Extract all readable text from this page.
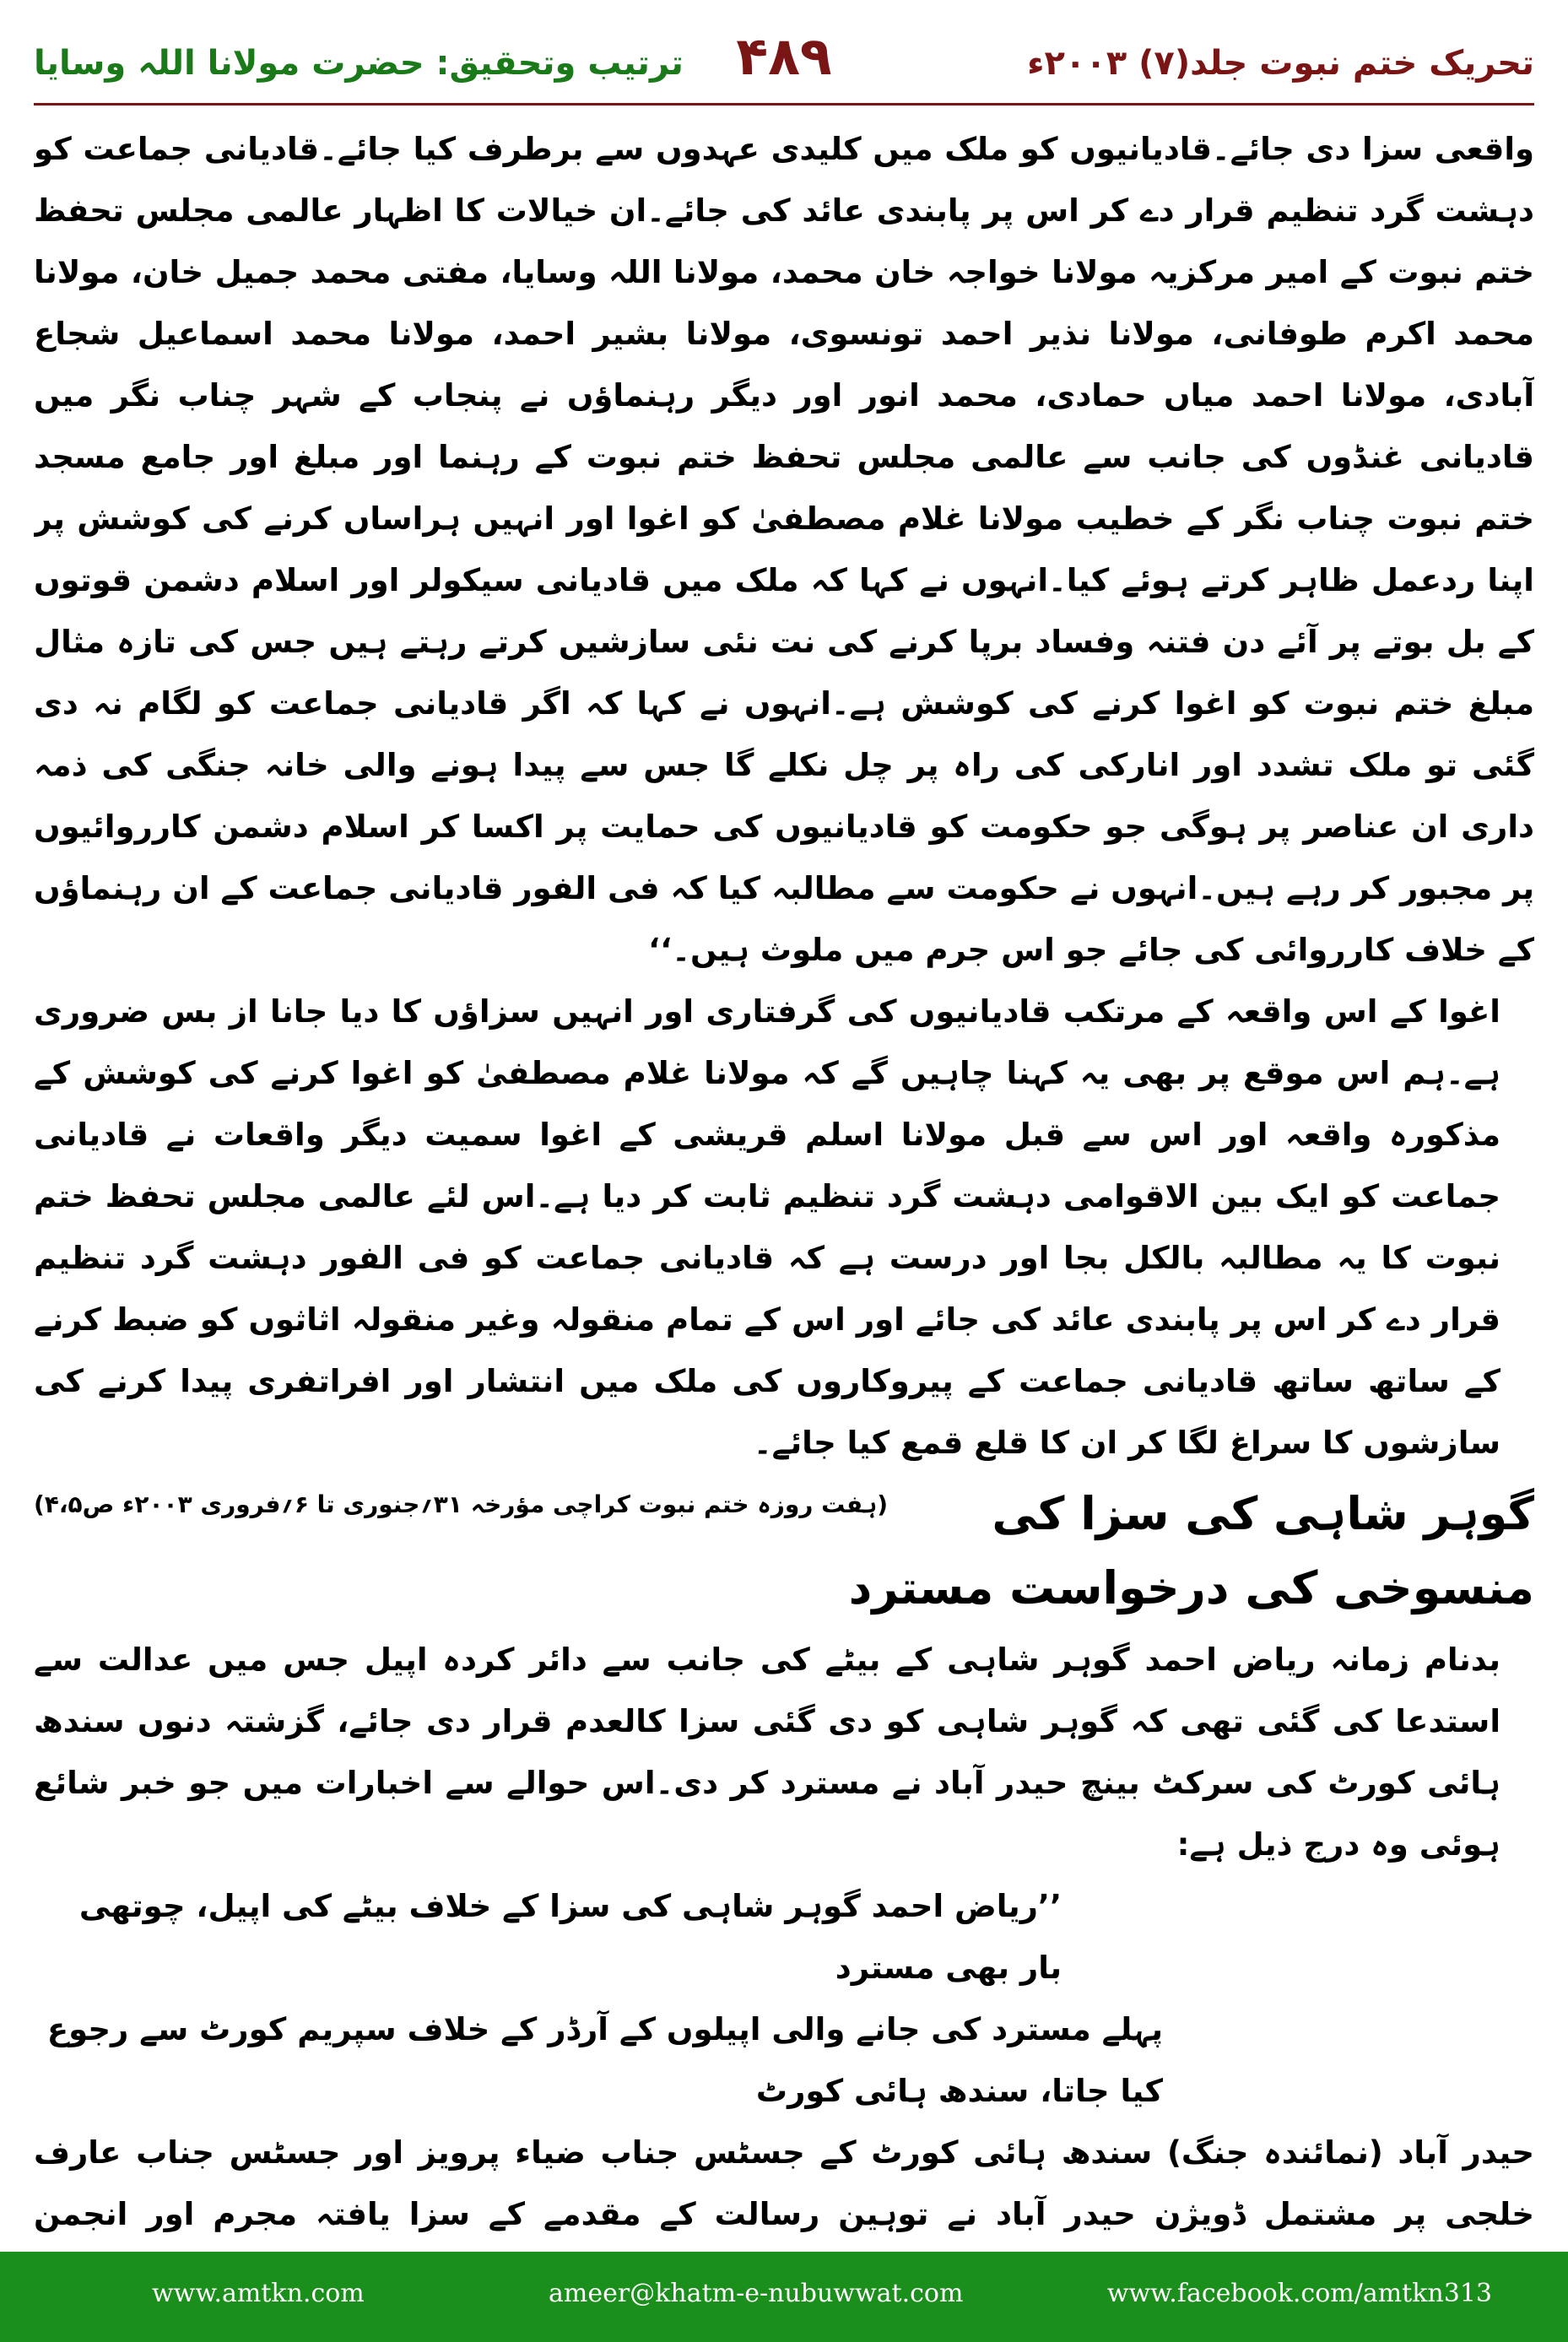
ترتیب وتحقیق: حضرت مولانا اللہ وسایا ۴۸۹	تحریک ختم نبوت جلد(۷) ۲۰۰۳ء

واقعی سزا دی جائے۔قادیانیوں کو ملک میں کلیدی عہدوں سے برطرف کیا جائے۔قادیانی جماعت کو دہشت گرد تنظیم قرار دے کر اس پر پابندی عائد کی جائے۔ان خیالات کا اظہار عالمی مجلس تحفظ ختم نبوت کے امیر مرکزیہ مولانا خواجہ خان محمد، مولانا اللہ وسایا، مفتی محمد جمیل خان، مولانا محمد اکرم طوفانی، مولانا نذیر احمد تونسوی، مولانا بشیر احمد، مولانا محمد اسماعیل شجاع آبادی، مولانا احمد میاں حمادی، محمد انور اور دیگر رہنماؤں نے پنجاب کے شہر چناب نگر میں قادیانی غنڈوں کی جانب سے عالمی مجلس تحفظ ختم نبوت کے رہنما اور مبلغ اور جامع مسجد ختم نبوت چناب نگر کے خطیب مولانا غلام مصطفیٰ کو اغوا اور انہیں ہراساں کرنے کی کوشش پر اپنا ردعمل ظاہر کرتے ہوئے کیا۔انہوں نے کہا کہ ملک میں قادیانی سیکولر اور اسلام دشمن قوتوں کے بل بوتے پر آئے دن فتنہ وفساد برپا کرنے کی نت نئی سازشیں کرتے رہتے ہیں جس کی تازہ مثال مبلغ ختم نبوت کو اغوا کرنے کی کوشش ہے۔انہوں نے کہا کہ اگر قادیانی جماعت کو لگام نہ دی گئی تو ملک تشدد اور انارکی کی راہ پر چل نکلے گا جس سے پیدا ہونے والی خانہ جنگی کی ذمہ داری ان عناصر پر ہوگی جو حکومت کو قادیانیوں کی حمایت پر اکسا کر اسلام دشمن کارروائیوں پر مجبور کر رہے ہیں۔انہوں نے حکومت سے مطالبہ کیا کہ فی الفور قادیانی جماعت کے ان رہنماؤں کے خلاف کارروائی کی جائے جو اس جرم میں ملوث ہیں۔‘‘

اغوا کے اس واقعہ کے مرتکب قادیانیوں کی گرفتاری اور انہیں سزاؤں کا دیا جانا از بس ضروری ہے۔ہم اس موقع پر بھی یہ کہنا چاہیں گے کہ مولانا غلام مصطفیٰ کو اغوا کرنے کی کوشش کے مذکورہ واقعہ اور اس سے قبل مولانا اسلم قریشی کے اغوا سمیت دیگر واقعات نے قادیانی جماعت کو ایک بین الاقوامی دہشت گرد تنظیم ثابت کر دیا ہے۔اس لئے عالمی مجلس تحفظ ختم نبوت کا یہ مطالبہ بالکل بجا اور درست ہے کہ قادیانی جماعت کو فی الفور دہشت گرد تنظیم قرار دے کر اس پر پابندی عائد کی جائے اور اس کے تمام منقولہ وغیر منقولہ اثاثوں کو ضبط کرنے کے ساتھ ساتھ قادیانی جماعت کے پیروکاروں کی ملک میں انتشار اور افراتفری پیدا کرنے کی سازشوں کا سراغ لگا کر ان کا قلع قمع کیا جائے۔
(ہفت روزہ ختم نبوت کراچی مؤرخہ ۳۱؍جنوری تا ۶؍فروری ۲۰۰۳ء ص۴،۵)	گوہر شاہی کی سزا کی منسوخی کی درخواست مسترد

بدنام زمانہ ریاض احمد گوہر شاہی کے بیٹے کی جانب سے دائر کردہ اپیل جس میں عدالت سے استدعا کی گئی تھی کہ گوہر شاہی کو دی گئی سزا کالعدم قرار دی جائے، گزشتہ دنوں سندھ ہائی کورٹ کی سرکٹ بینچ حیدر آباد نے مسترد کر دی۔اس حوالے سے اخبارات میں جو خبر شائع ہوئی وہ درج ذیل ہے:

’’ریاض احمد گوہر شاہی کی سزا کے خلاف بیٹے کی اپیل، چوتھی بار بھی مسترد

پہلے مسترد کی جانے والی اپیلوں کے آرڈر کے خلاف سپریم کورٹ سے رجوع کیا جاتا، سندھ ہائی کورٹ

حیدر آباد (نمائندہ جنگ) سندھ ہائی کورٹ کے جسٹس جناب ضیاء پرویز اور جسٹس جناب عارف خلجی پر مشتمل ڈویژن حیدر آباد نے توہین رسالت کے مقدمے کے سزا یافتہ مجرم اور انجمن

www.amtkn.com	ameer@khatm-e-nubuwwat.com	www.facebook.com/amtkn313
